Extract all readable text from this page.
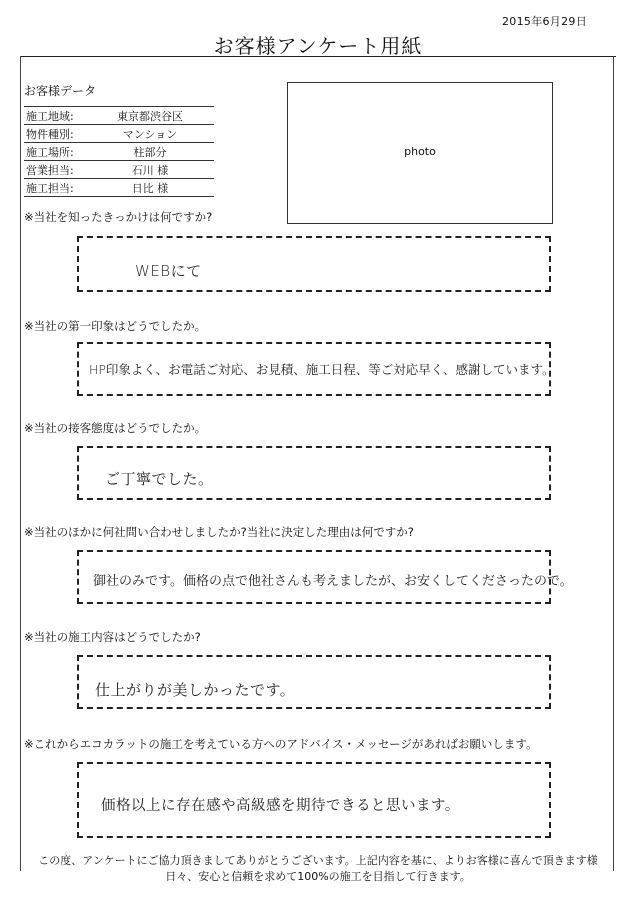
2015年6月29日
お客様アンケート用紙
お客様データ
施工地域:	東京都渋谷区
物件種別:	マンション
施工場所:	柱部分
営業担当:	石川 様
施工担当:	日比 様
photo
※当社を知ったきっかけは何ですか?
WEBにて
※当社の第一印象はどうでしたか。
HP印象よく、お電話ご対応、お見積、施工日程、等ご対応早く、感謝しています。
※当社の接客態度はどうでしたか。
ご丁寧でした。
※当社のほかに何社問い合わせしましたか?当社に決定した理由は何ですか?
御社のみです。価格の点で他社さんも考えましたが、お安くしてくださったので。
※当社の施工内容はどうでしたか?
仕上がりが美しかったです。
※これからエコカラットの施工を考えている方へのアドバイス・メッセージがあればお願いします。
価格以上に存在感や高級感を期待できると思います。
この度、アンケートにご協力頂きましてありがとうございます。上記内容を基に、よりお客様に喜んで頂きます様
日々、安心と信頼を求めて100%の施工を目指して行きます。
